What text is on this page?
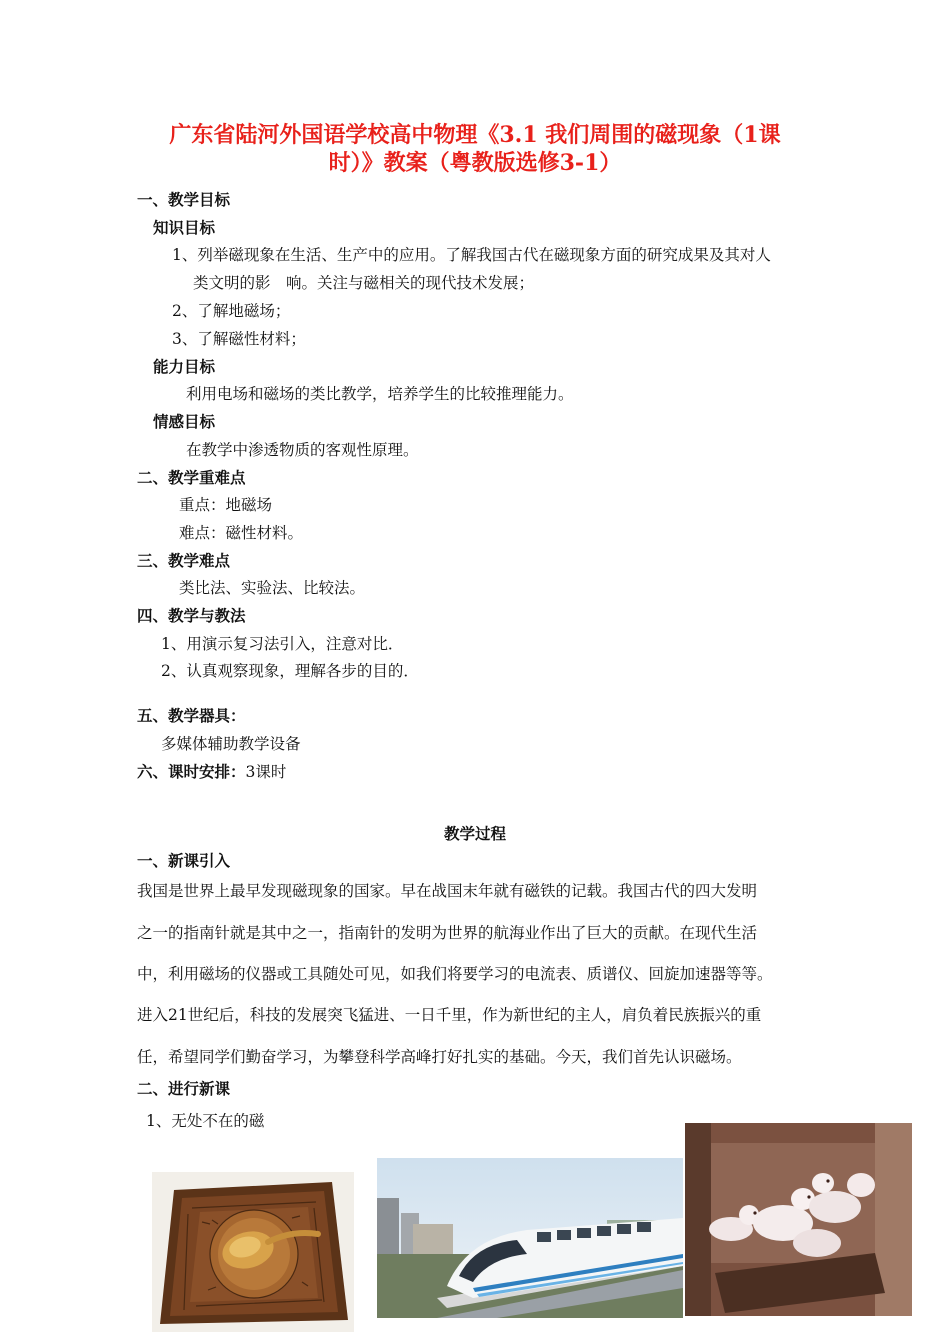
广东省陆河外国语学校高中物理《3.1 我们周围的磁现象（1课
时）》教案（粤教版选修3-1）
一、教学目标
知识目标
1、列举磁现象在生活、生产中的应用。了解我国古代在磁现象方面的研究成果及其对人
类文明的影　响。关注与磁相关的现代技术发展；
2、了解地磁场；
3、了解磁性材料；
能力目标
利用电场和磁场的类比教学，培养学生的比较推理能力。
情感目标
在教学中渗透物质的客观性原理。
二、教学重难点
重点：地磁场
难点：磁性材料。
三、教学难点
类比法、实验法、比较法。
四、教学与教法
1、用演示复习法引入，注意对比．
2、认真观察现象，理解各步的目的．
五、教学器具：
多媒体辅助教学设备
六、课时安排：3课时
教学过程
一、新课引入
我国是世界上最早发现磁现象的国家。早在战国末年就有磁铁的记载。我国古代的四大发明
之一的指南针就是其中之一，指南针的发明为世界的航海业作出了巨大的贡献。在现代生活
中，利用磁场的仪器或工具随处可见，如我们将要学习的电流表、质谱仪、回旋加速器等等。
进入21世纪后，科技的发展突飞猛进、一日千里，作为新世纪的主人，肩负着民族振兴的重
任，希望同学们勤奋学习，为攀登科学高峰打好扎实的基础。今天，我们首先认识磁场。
二、进行新课
1、无处不在的磁
